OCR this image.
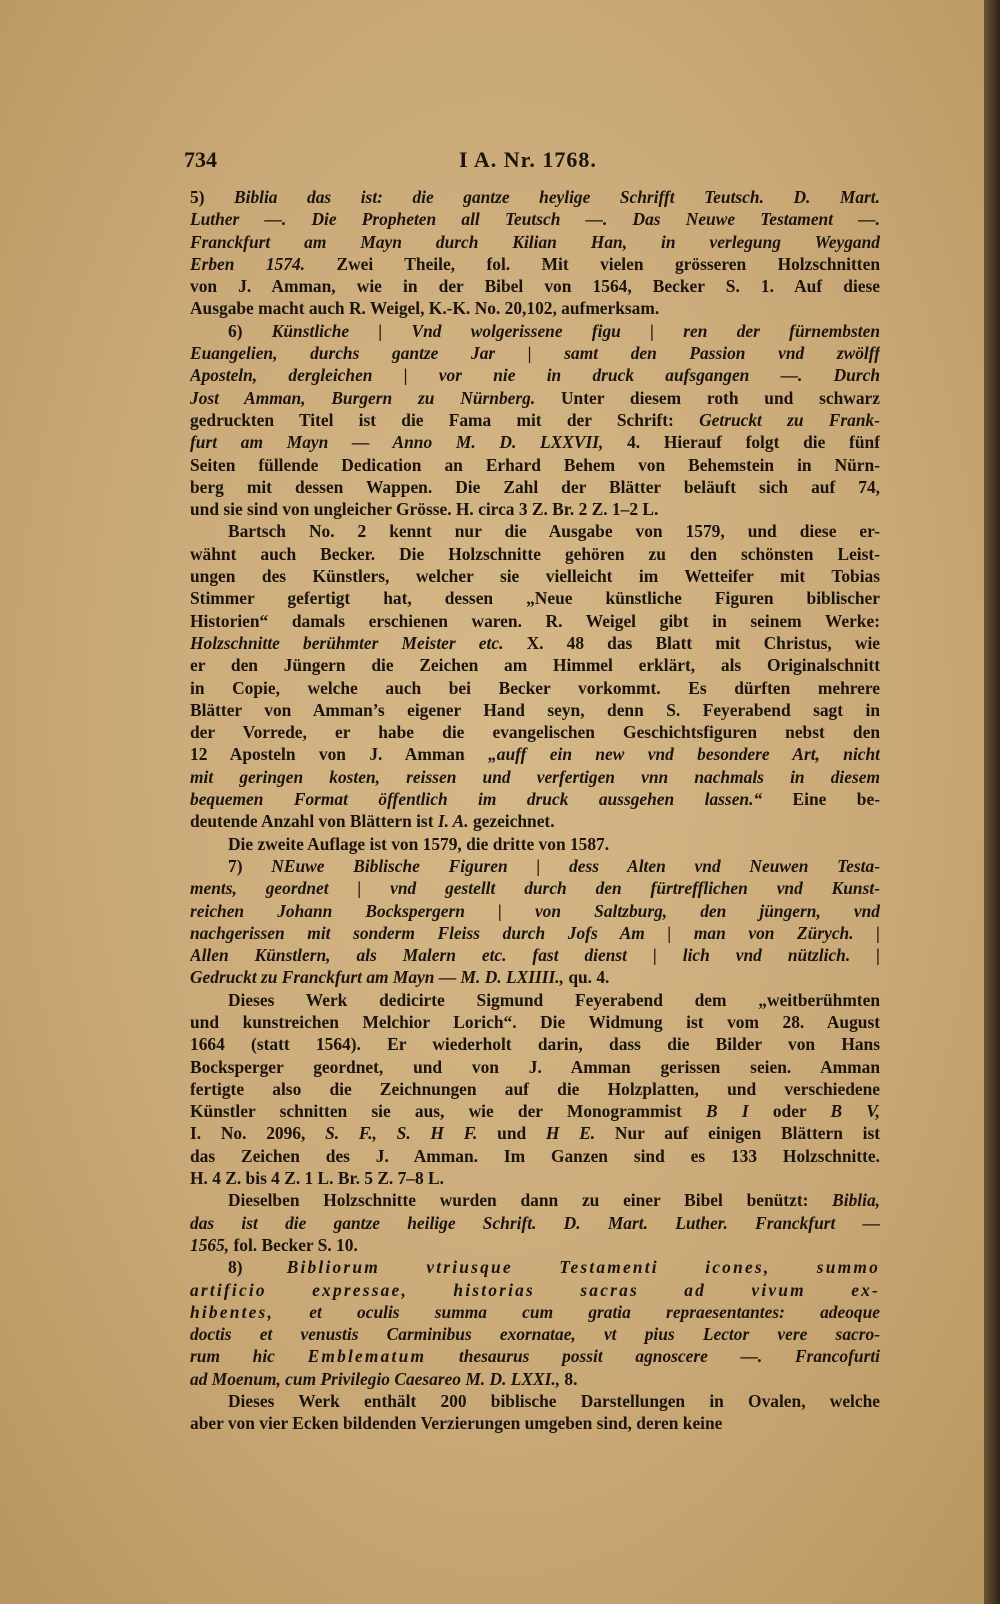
734	I A. Nr. 1768.
5) Biblia das ist: die gantze heylige Schrifft Teutsch. D. Mart.
Luther —. Die Propheten all Teutsch —. Das Neuwe Testament —.
Franckfurt am Mayn durch Kilian Han, in verlegung Weygand
Erben 1574. Zwei Theile, fol. Mit vielen grösseren Holzschnitten
von J. Amman, wie in der Bibel von 1564, Becker S. 1. Auf diese
Ausgabe macht auch R. Weigel, K.-K. No. 20,102, aufmerksam.
6) Künstliche | Vnd wolgerissene figu | ren der fürnembsten
Euangelien, durchs gantze Jar | samt den Passion vnd zwölff
Aposteln, dergleichen | vor nie in druck aufsgangen —. Durch
Jost Amman, Burgern zu Nürnberg. Unter diesem roth und schwarz
gedruckten Titel ist die Fama mit der Schrift: Getruckt zu Frank-
furt am Mayn — Anno M. D. LXXVII, 4. Hierauf folgt die fünf
Seiten füllende Dedication an Erhard Behem von Behemstein in Nürn-
berg mit dessen Wappen. Die Zahl der Blätter beläuft sich auf 74,
und sie sind von ungleicher Grösse. H. circa 3 Z. Br. 2 Z. 1–2 L.
Bartsch No. 2 kennt nur die Ausgabe von 1579, und diese er-
wähnt auch Becker. Die Holzschnitte gehören zu den schönsten Leist-
ungen des Künstlers, welcher sie vielleicht im Wetteifer mit Tobias
Stimmer gefertigt hat, dessen „Neue künstliche Figuren biblischer
Historien“ damals erschienen waren. R. Weigel gibt in seinem Werke:
Holzschnitte berühmter Meister etc. X. 48 das Blatt mit Christus, wie
er den Jüngern die Zeichen am Himmel erklärt, als Originalschnitt
in Copie, welche auch bei Becker vorkommt. Es dürften mehrere
Blätter von Amman’s eigener Hand seyn, denn S. Feyerabend sagt in
der Vorrede, er habe die evangelischen Geschichtsfiguren nebst den
12 Aposteln von J. Amman „auff ein new vnd besondere Art, nicht
mit geringen kosten, reissen und verfertigen vnn nachmals in diesem
bequemen Format öffentlich im druck aussgehen lassen.“ Eine be-
deutende Anzahl von Blättern ist I. A. gezeichnet.
Die zweite Auflage ist von 1579, die dritte von 1587.
7) NEuwe Biblische Figuren | dess Alten vnd Neuwen Testa-
ments, geordnet | vnd gestellt durch den fürtrefflichen vnd Kunst-
reichen Johann Bockspergern | von Saltzburg, den jüngern, vnd
nachgerissen mit sonderm Fleiss durch Jofs Am | man von Zürych. |
Allen Künstlern, als Malern etc. fast dienst | lich vnd nützlich. |
Gedruckt zu Franckfurt am Mayn — M. D. LXIIII., qu. 4.
Dieses Werk dedicirte Sigmund Feyerabend dem „weitberühmten
und kunstreichen Melchior Lorich“. Die Widmung ist vom 28. August
1664 (statt 1564). Er wiederholt darin, dass die Bilder von Hans
Bocksperger geordnet, und von J. Amman gerissen seien. Amman
fertigte also die Zeichnungen auf die Holzplatten, und verschiedene
Künstler schnitten sie aus, wie der Monogrammist B I oder B V,
I. No. 2096, S. F., S. H F. und H E. Nur auf einigen Blättern ist
das Zeichen des J. Amman. Im Ganzen sind es 133 Holzschnitte.
H. 4 Z. bis 4 Z. 1 L. Br. 5 Z. 7–8 L.
Dieselben Holzschnitte wurden dann zu einer Bibel benützt: Biblia,
das ist die gantze heilige Schrift. D. Mart. Luther. Franckfurt —
1565, fol. Becker S. 10.
8) Bibliorum vtriusque Testamenti icones, summo
artificio expressae, historias sacras ad vivum ex-
hibentes, et oculis summa cum gratia repraesentantes: adeoque
doctis et venustis Carminibus exornatae, vt pius Lector vere sacro-
rum hic Emblematum thesaurus possit agnoscere —. Francofurti
ad Moenum, cum Privilegio Caesareo M. D. LXXI., 8.
Dieses Werk enthält 200 biblische Darstellungen in Ovalen, welche
aber von vier Ecken bildenden Verzierungen umgeben sind, deren keine
